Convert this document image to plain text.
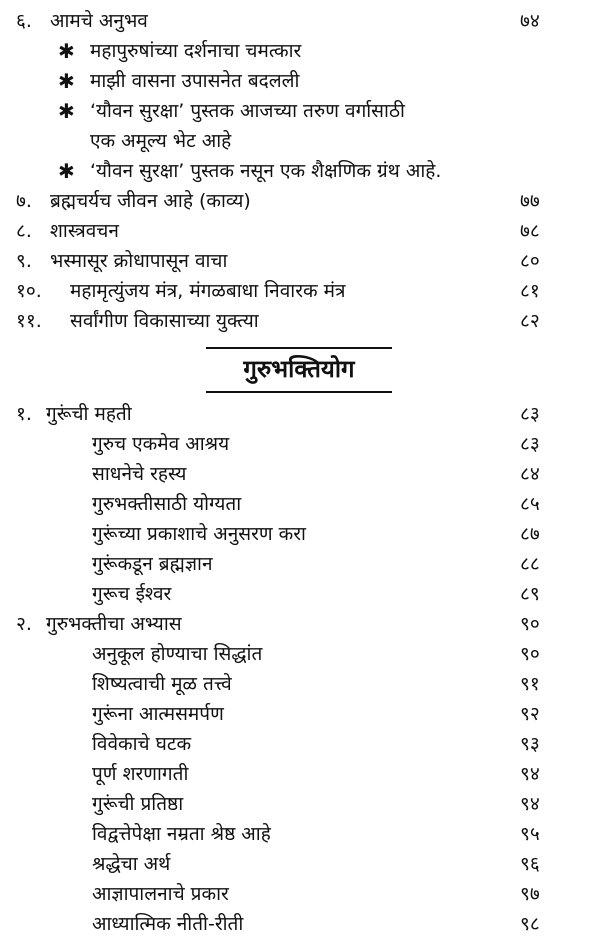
६. आमचे अनुभव	७४
✱ महापुरुषांच्या दर्शनाचा चमत्कार
✱ माझी वासना उपासनेत बदलली
✱ ‘यौवन सुरक्षा’ पुस्तक आजच्या तरुण वर्गासाठी
एक अमूल्य भेट आहे
✱ ‘यौवन सुरक्षा’ पुस्तक नसून एक शैक्षणिक ग्रंथ आहे.
७. ब्रह्मचर्यच जीवन आहे (काव्य)	७७
८. शास्त्रवचन	७८
९. भस्मासूर क्रोधापासून वाचा	८०
१०. महामृत्युंजय मंत्र, मंगळबाधा निवारक मंत्र	८१
११. सर्वांगीण विकासाच्या युक्त्या	८२
गुरुभक्तियोग
१. गुरूंची महती	८३
गुरुच एकमेव आश्रय	८३
साधनेचे रहस्य	८४
गुरुभक्तीसाठी योग्यता	८५
गुरूंच्या प्रकाशाचे अनुसरण करा	८७
गुरूंकडून ब्रह्मज्ञान	८८
गुरूच ईश्वर	८९
२. गुरुभक्तीचा अभ्यास	९०
अनुकूल होण्याचा सिद्धांत	९०
शिष्यत्वाची मूळ तत्त्वे	९१
गुरूंना आत्मसमर्पण	९२
विवेकाचे घटक	९३
पूर्ण शरणागती	९४
गुरूंची प्रतिष्ठा	९४
विद्वत्तेपेक्षा नम्रता श्रेष्ठ आहे	९५
श्रद्धेचा अर्थ	९६
आज्ञापालनाचे प्रकार	९७
आध्यात्मिक नीती-रीती	९८
